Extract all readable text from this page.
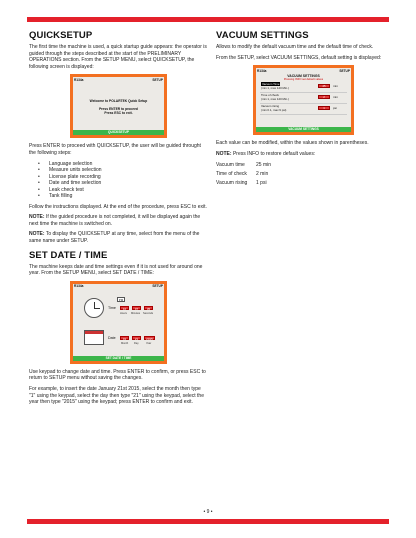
QUICKSETUP

The first time the machine is used, a quick startup guide appears: the operator is guided through the steps described at the start of the PRELIMINARY OPERATIONS section. From the SETUP MENU, select QUICKSETUP, the following screen is displayed:

R134a	SETUP
Welcome to POLARTEK Quick Setup
Press ENTER to proceed
Press ESC to exit.
QUICKSETUP

Press ENTER to proceed with QUICKSETUP, the user will be guided throught the following steps:

• Language selection
• Measure units selection
• License plate recording
• Date and time selection
• Leak check test
• Tank filling

Follow the instructions displayed. At the end of the procedure, press ESC to exit.

NOTE: If the guided procedure is not completed, it will be displayed again the next time the machine is switched on.

NOTE: To display the QUICKSETUP at any time, select from the menu of the same name under SETUP.

SET DATE / TIME

The machine keeps date and time settings even if it is not used for around one year. From the SETUP MENU, select SET DATE / TIME:

R134a	SETUP
PM
Time	10	07	35
Hours Minutes Seconds
Date	01	21	2015
Month Day	Year
SET DATE / TIME

Use keypad to change date and time. Press ENTER to confirm, or press ESC to return to SETUP menu without saving the changes.

For example, to insert the date January 21st 2015, select the month then type "1" using the keypad, select the day then type "21" using the keypad, select the year then type "2015" using the keypad; press ENTER to confirm and exit.

VACUUM SETTINGS

Allows to modify the default vacuum time and the default time of check.

From the SETUP, select VACUUM SETTINGS, default setting is displayed:

R134a	SETUP
VACUUM SETTINGS
Pressing INFO set default values
Vacuum Time
(min 1, max 120 Min.)	25	min
Time of check
(min 1, max 120 Min.)	2	min
Vacuum rising
(min 0.1, max 9 psi)	1	psi
VACUUM SETTINGS

Each value can be modified, within the values shown in parentheses.

NOTE: Press INFO to restore default values:

Vacuum time	25 min
Time of check	2 min
Vacuum rising	1 psi
• 9 •
